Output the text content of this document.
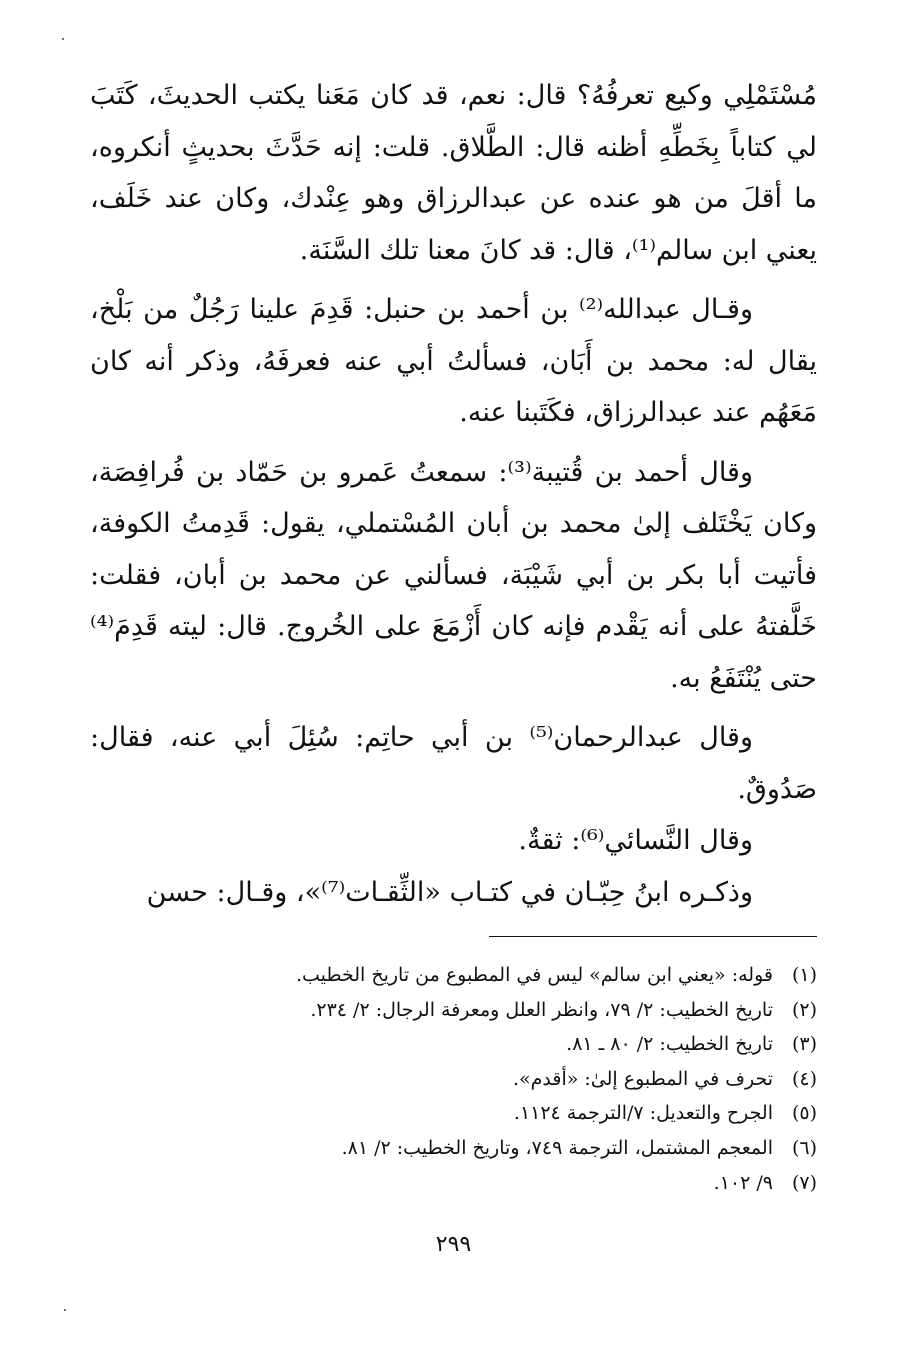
مُسْتَمْلِي وكيع تعرفُهُ؟ قال: نعم، قد كان مَعَنا يكتب الحديثَ، كَتَبَ لي كتاباً بِخَطِّهِ أظنه قال: الطَّلاق. قلت: إنه حَدَّثَ بحديثٍ أنكروه، ما أقلَ من هو عنده عن عبدالرزاق وهو عِنْدك، وكان عند خَلَف، يعني ابن سالم⁽¹⁾، قال: قد كانَ معنا تلك السَّنَة.

وقـال عبدالله⁽²⁾ بن أحمد بن حنبل: قَدِمَ علينا رَجُلٌ من بَلْخ، يقال له: محمد بن أَبَان، فسألتُ أبي عنه فعرفَهُ، وذكر أنه كان مَعَهُم عند عبدالرزاق، فكَتَبنا عنه.

وقال أحمد بن قُتيبة⁽³⁾: سمعتُ عَمرو بن حَمّاد بن فُرافِصَة، وكان يَخْتَلف إلىٰ محمد بن أبان المُسْتملي، يقول: قَدِمتُ الكوفة، فأتيت أبا بكر بن أبي شَيْبَة، فسألني عن محمد بن أبان، فقلت: خَلَّفتهُ على أنه يَقْدم فإنه كان أَزْمَعَ على الخُروج. قال: ليته قَدِمَ⁽⁴⁾ حتى يُنْتَفَعُ به.

وقال عبدالرحمان⁽⁵⁾ بن أبي حاتِم: سُئِلَ أبي عنه، فقال: صَدُوقٌ.

وقال النَّسائي⁽⁶⁾: ثقةٌ.

وذكـره ابنُ حِبّـان في كتـاب «الثِّقـات⁽⁷⁾»، وقـال: حسن

(١)قوله: «يعني ابن سالم» ليس في المطبوع من تاريخ الخطيب.
(٢)تاريخ الخطيب: ٢/ ٧٩، وانظر العلل ومعرفة الرجال: ٢/ ٢٣٤.
(٣)تاريخ الخطيب: ٢/ ٨٠ ـ ٨١.
(٤)تحرف في المطبوع إلىٰ: «أقدم».
(٥)الجرح والتعديل: ٧/الترجمة ١١٢٤.
(٦)المعجم المشتمل، الترجمة ٧٤٩، وتاريخ الخطيب: ٢/ ٨١.
(٧)٩/ ١٠٢.
٢٩٩
